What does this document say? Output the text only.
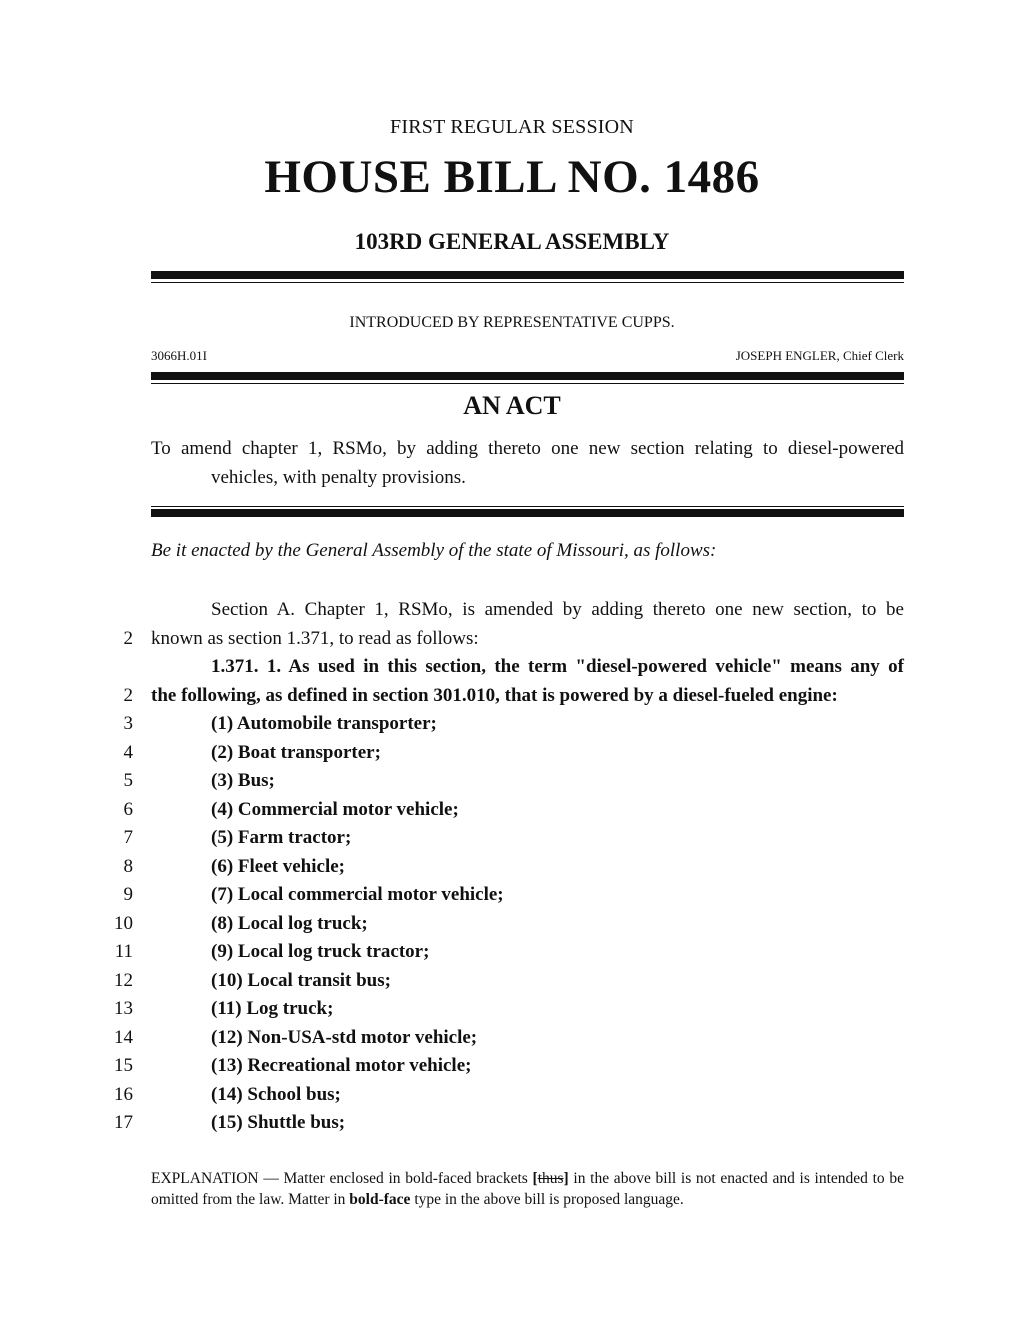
FIRST REGULAR SESSION
HOUSE BILL NO. 1486
103RD GENERAL ASSEMBLY
INTRODUCED BY REPRESENTATIVE CUPPS.
3066H.01I	JOSEPH ENGLER, Chief Clerk
AN ACT
To amend chapter 1, RSMo, by adding thereto one new section relating to diesel-powered
vehicles, with penalty provisions.
Be it enacted by the General Assembly of the state of Missouri, as follows:
Section A. Chapter 1, RSMo, is amended by adding thereto one new section, to be
2 known as section 1.371, to read as follows:
1.371. 1. As used in this section, the term "diesel-powered vehicle" means any of
2 the following, as defined in section 301.010, that is powered by a diesel-fueled engine:
3	(1) Automobile transporter;
4	(2) Boat transporter;
5	(3) Bus;
6	(4) Commercial motor vehicle;
7	(5) Farm tractor;
8	(6) Fleet vehicle;
9	(7) Local commercial motor vehicle;
10	(8) Local log truck;
11	(9) Local log truck tractor;
12	(10) Local transit bus;
13	(11) Log truck;
14	(12) Non-USA-std motor vehicle;
15	(13) Recreational motor vehicle;
16	(14) School bus;
17	(15) Shuttle bus;
EXPLANATION — Matter enclosed in bold-faced brackets [thus] in the above bill is not enacted and is intended to be omitted from the law. Matter in bold-face type in the above bill is proposed language.
